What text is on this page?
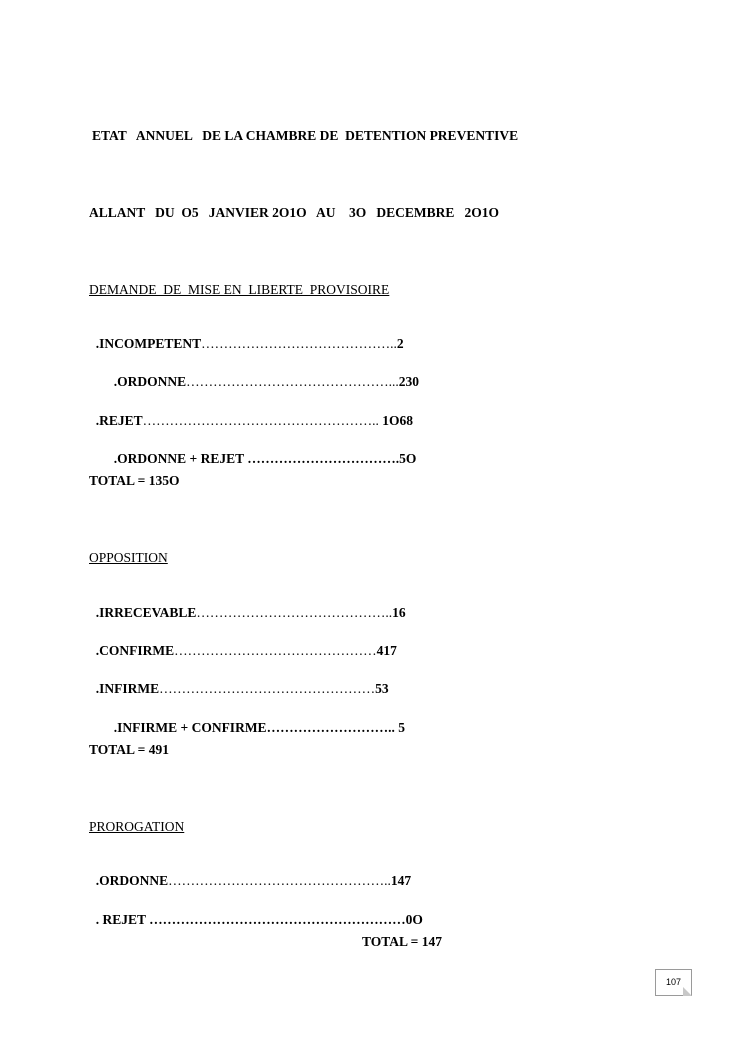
ETAT   ANNUEL   DE LA CHAMBRE DE  DETENTION PREVENTIVE
ALLANT   DU  O5   JANVIER 2O1O   AU    3O   DECEMBRE   2O1O
DEMANDE  DE  MISE EN  LIBERTE  PROVISOIRE

.INCOMPETENT……………………………………..2

.ORDONNE………………………………………...230

.REJET…………………………………………….. 1O68

.ORDONNE + REJET …………………………….5O

TOTAL = 135O
OPPOSITION

.IRRECEVABLE……………………………………..16

.CONFIRME………………………………………417

.INFIRME…………………………………………53

.INFIRME + CONFIRME……………………….. 5

TOTAL = 491
PROROGATION

.ORDONNE…………………………………………..147

. REJET …………………………………………………0O

TOTAL = 147
107
